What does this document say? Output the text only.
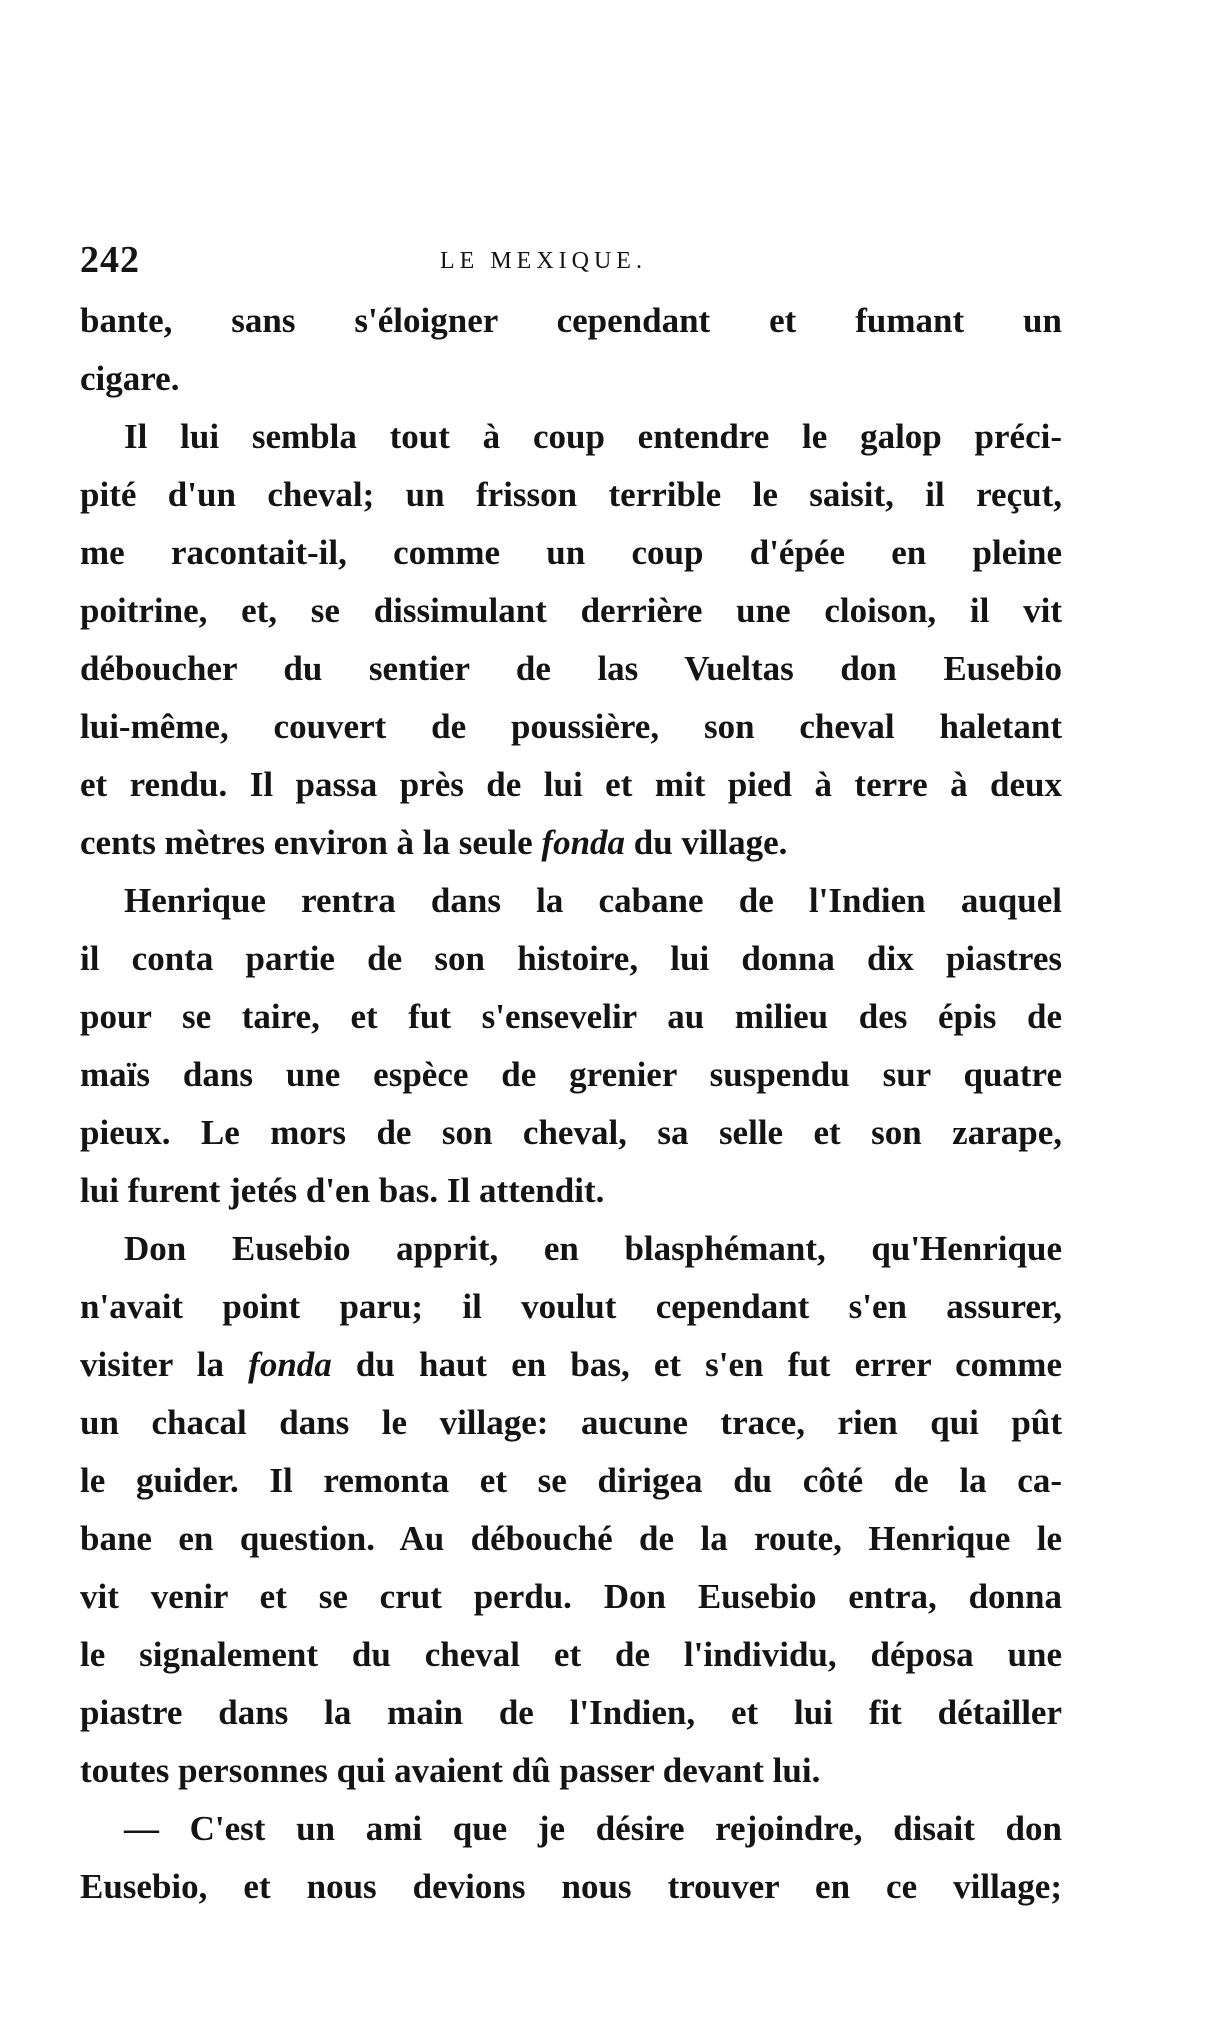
242	LE MEXIQUE.
bante, sans s'éloigner cependant et fumant un
cigare.
Il lui sembla tout à coup entendre le galop préci-
pité d'un cheval; un frisson terrible le saisit, il reçut,
me racontait-il, comme un coup d'épée en pleine
poitrine, et, se dissimulant derrière une cloison, il vit
déboucher du sentier de las Vueltas don Eusebio
lui-même, couvert de poussière, son cheval haletant
et rendu. Il passa près de lui et mit pied à terre à deux
cents mètres environ à la seule fonda du village.
Henrique rentra dans la cabane de l'Indien auquel
il conta partie de son histoire, lui donna dix piastres
pour se taire, et fut s'ensevelir au milieu des épis de
maïs dans une espèce de grenier suspendu sur quatre
pieux. Le mors de son cheval, sa selle et son zarape,
lui furent jetés d'en bas. Il attendit.
Don Eusebio apprit, en blasphémant, qu'Henrique
n'avait point paru; il voulut cependant s'en assurer,
visiter la fonda du haut en bas, et s'en fut errer comme
un chacal dans le village: aucune trace, rien qui pût
le guider. Il remonta et se dirigea du côté de la ca-
bane en question. Au débouché de la route, Henrique le
vit venir et se crut perdu. Don Eusebio entra, donna
le signalement du cheval et de l'individu, déposa une
piastre dans la main de l'Indien, et lui fit détailler
toutes personnes qui avaient dû passer devant lui.
— C'est un ami que je désire rejoindre, disait don
Eusebio, et nous devions nous trouver en ce village;
